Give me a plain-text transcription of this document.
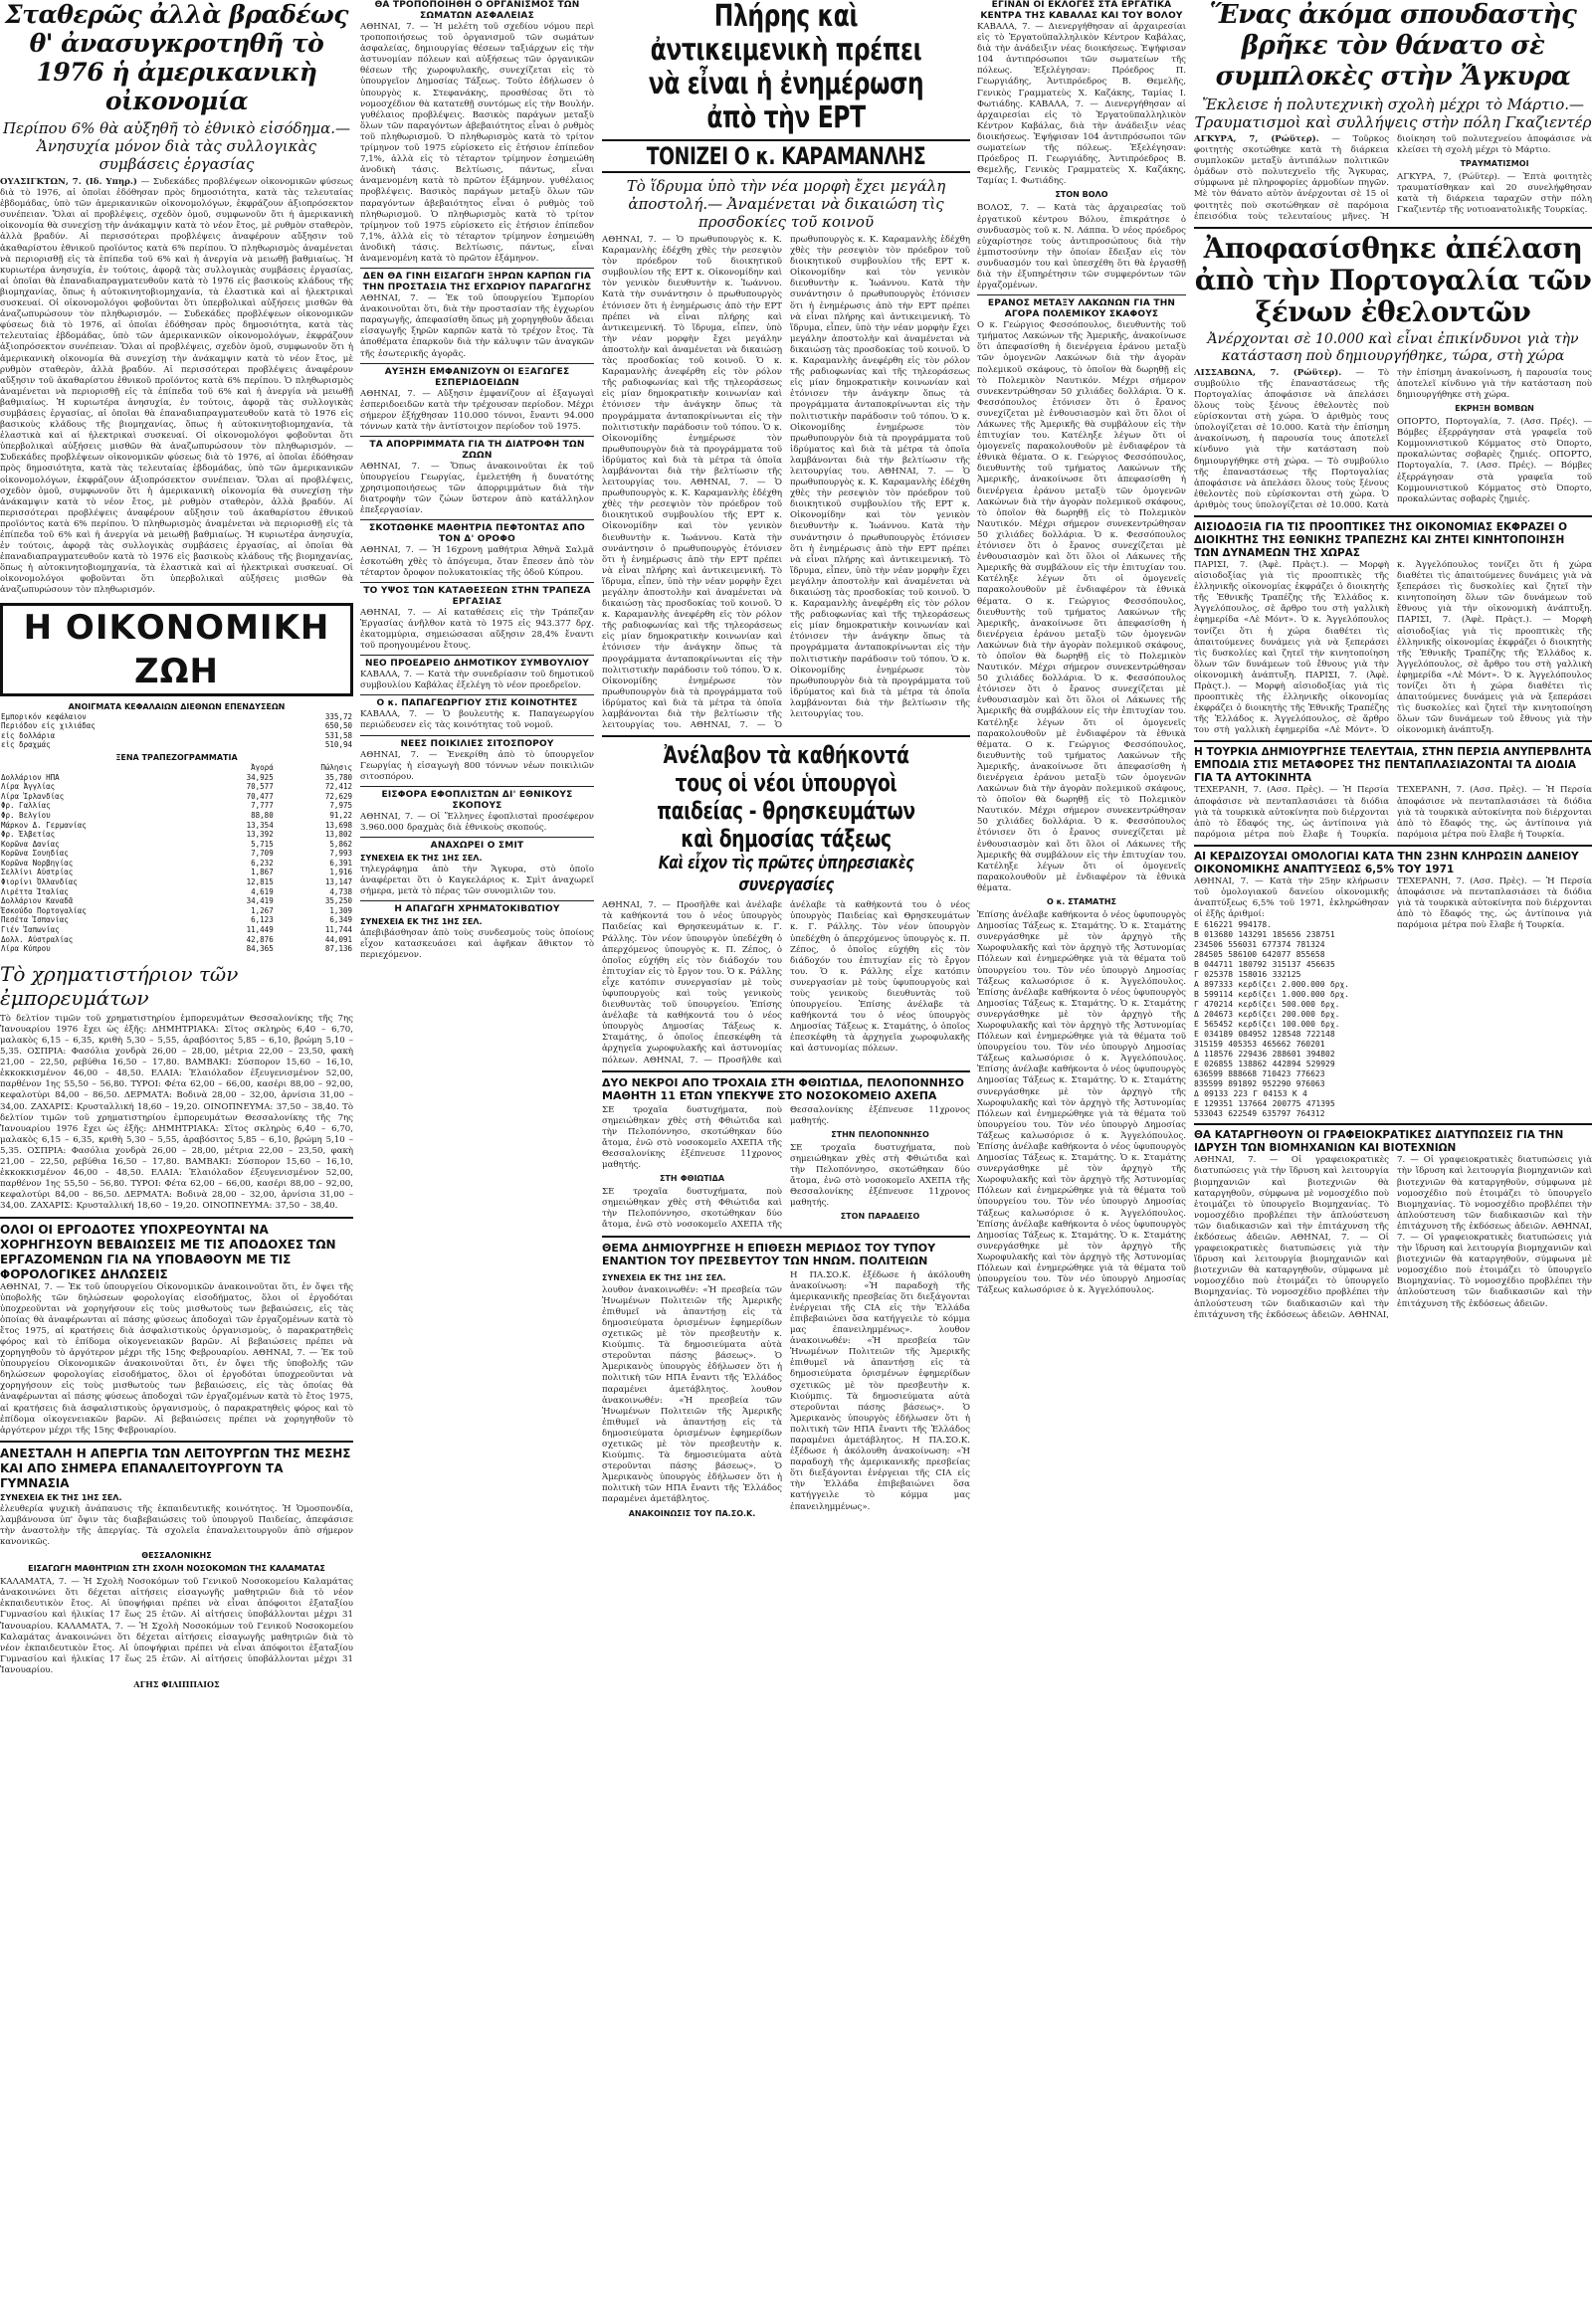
Σταθερῶς ἀλλὰ βραδέως θ' ἀνασυγκροτηθῆ τὸ 1976 ἡ ἀμερικανικὴ οἰκονομία
Περίπου 6% θὰ αὐξηθῆ τὸ ἐθνικὸ εἰσόδημα.— Ἀνησυχία μόνον διὰ τὰς συλλογικὰς συμβάσεις ἐργασίας
ΟΥΑΣΙΓΚΤΩΝ, 7. (Ιδ. Υπηρ.) — Συδεκάδες προβλέψεων οἰκονομικῶν φύσεως διὰ τὸ 1976, αἱ ὁποῖαι ἐδόθησαν πρὸς δημοσιότητα, κατὰ τὰς τελευταίας ἑβδομάδας, ὑπὸ τῶν ἀμερικανικῶν οἰκονομολόγων, ἐκφράζουν ἀξιοπρόσεκτον συνέπειαν. Ὅλαι αἱ προβλέψεις, σχεδὸν ὁμοῦ, συμφωνοῦν ὅτι ἡ ἀμερικανικὴ οἰκονομία θὰ συνεχίσῃ τὴν ἀνάκαμψιν κατὰ τὸ νέον ἔτος, μὲ ρυθμὸν σταθερὸν, ἀλλὰ βραδύν. Αἱ περισσότεραι προβλέψεις ἀναφέρουν αὔξησιν τοῦ ἀκαθαρίστου ἐθνικοῦ προϊόντος κατὰ 6% περίπου. Ὁ πληθωρισμὸς ἀναμένεται νὰ περιορισθῇ εἰς τὰ ἐπίπεδα τοῦ 6% καὶ ἡ ἀνεργία νὰ μειωθῇ βαθμιαίως. Ἡ κυριωτέρα ἀνησυχία, ἐν τούτοις, ἀφορᾷ τὰς συλλογικὰς συμβάσεις ἐργασίας, αἱ ὁποῖαι θὰ ἐπαναδιαπραγματευθοῦν κατὰ τὸ 1976 εἰς βασικοὺς κλάδους τῆς βιομηχανίας, ὅπως ἡ αὐτοκινητοβιομηχανία, τὰ ἐλαστικὰ καὶ αἱ ἠλεκτρικαὶ συσκευαί. Οἱ οἰκονομολόγοι φοβοῦνται ὅτι ὑπερβολικαὶ αὐξήσεις μισθῶν θὰ ἀναζωπυρώσουν τὸν πληθωρισμόν. — Συδεκάδες προβλέψεων οἰκονομικῶν φύσεως διὰ τὸ 1976, αἱ ὁποῖαι ἐδόθησαν πρὸς δημοσιότητα, κατὰ τὰς τελευταίας ἑβδομάδας, ὑπὸ τῶν ἀμερικανικῶν οἰκονομολόγων, ἐκφράζουν ἀξιοπρόσεκτον συνέπειαν. Ὅλαι αἱ προβλέψεις, σχεδὸν ὁμοῦ, συμφωνοῦν ὅτι ἡ ἀμερικανικὴ οἰκονομία θὰ συνεχίσῃ τὴν ἀνάκαμψιν κατὰ τὸ νέον ἔτος, μὲ ρυθμὸν σταθερὸν, ἀλλὰ βραδύν. Αἱ περισσότεραι προβλέψεις ἀναφέρουν αὔξησιν τοῦ ἀκαθαρίστου ἐθνικοῦ προϊόντος κατὰ 6% περίπου. Ὁ πληθωρισμὸς ἀναμένεται νὰ περιορισθῇ εἰς τὰ ἐπίπεδα τοῦ 6% καὶ ἡ ἀνεργία νὰ μειωθῇ βαθμιαίως. Ἡ κυριωτέρα ἀνησυχία, ἐν τούτοις, ἀφορᾷ τὰς συλλογικὰς συμβάσεις ἐργασίας, αἱ ὁποῖαι θὰ ἐπαναδιαπραγματευθοῦν κατὰ τὸ 1976 εἰς βασικοὺς κλάδους τῆς βιομηχανίας, ὅπως ἡ αὐτοκινητοβιομηχανία, τὰ ἐλαστικὰ καὶ αἱ ἠλεκτρικαὶ συσκευαί. Οἱ οἰκονομολόγοι φοβοῦνται ὅτι ὑπερβολικαὶ αὐξήσεις μισθῶν θὰ ἀναζωπυρώσουν τὸν πληθωρισμόν. — Συδεκάδες προβλέψεων οἰκονομικῶν φύσεως διὰ τὸ 1976, αἱ ὁποῖαι ἐδόθησαν πρὸς δημοσιότητα, κατὰ τὰς τελευταίας ἑβδομάδας, ὑπὸ τῶν ἀμερικανικῶν οἰκονομολόγων, ἐκφράζουν ἀξιοπρόσεκτον συνέπειαν. Ὅλαι αἱ προβλέψεις, σχεδὸν ὁμοῦ, συμφωνοῦν ὅτι ἡ ἀμερικανικὴ οἰκονομία θὰ συνεχίσῃ τὴν ἀνάκαμψιν κατὰ τὸ νέον ἔτος, μὲ ρυθμὸν σταθερὸν, ἀλλὰ βραδύν. Αἱ περισσότεραι προβλέψεις ἀναφέρουν αὔξησιν τοῦ ἀκαθαρίστου ἐθνικοῦ προϊόντος κατὰ 6% περίπου. Ὁ πληθωρισμὸς ἀναμένεται νὰ περιορισθῇ εἰς τὰ ἐπίπεδα τοῦ 6% καὶ ἡ ἀνεργία νὰ μειωθῇ βαθμιαίως. Ἡ κυριωτέρα ἀνησυχία, ἐν τούτοις, ἀφορᾷ τὰς συλλογικὰς συμβάσεις ἐργασίας, αἱ ὁποῖαι θὰ ἐπαναδιαπραγματευθοῦν κατὰ τὸ 1976 εἰς βασικοὺς κλάδους τῆς βιομηχανίας, ὅπως ἡ αὐτοκινητοβιομηχανία, τὰ ἐλαστικὰ καὶ αἱ ἠλεκτρικαὶ συσκευαί. Οἱ οἰκονομολόγοι φοβοῦνται ὅτι ὑπερβολικαὶ αὐξήσεις μισθῶν θὰ ἀναζωπυρώσουν τὸν πληθωρισμόν.
Η ΟΙΚΟΝΟΜΙΚΗ ΖΩΗ
ΑΝΟΙΓΜΑΤΑ ΚΕΦΑΛΑΙΩΝ ΔΙΕΘΝΩΝ ΕΠΕΝΔΥΣΕΩΝ
Εμπορικόν κεφάλαιον	335,72
Περιόδου εἰς χιλιάδας	650,50
εἰς δολλάρια	531,58
εἰς δραχμάς	510,94
ΞΕΝΑ ΤΡΑΠΕΖΟΓΡΑΜΜΑΤΙΑ
	Ἀγορά	Πώλησις
Δολλάριον ΗΠΑ	34,925	35,780
Λίρα Ἀγγλίας	70,577	72,412
Λίρα Ἰρλανδίας	70,477	72,629
Φρ. Γαλλίας	7,777	7,975
Φρ. Βελγίου	88,80	91,22
Μάρκον Δ. Γερμανίας	13,354	13,698
Φρ. Ἐλβετίας	13,392	13,802
Κορῶνα Δανίας	5,715	5,862
Κορῶνα Σουηδίας	7,709	7,993
Κορῶνα Νορβηγίας	6,232	6,391
Σελλίνι Αὐστρίας	1,867	1,916
Φιορίνι Ὀλλανδίας	12,815	13,147
Λιρέττα Ἰταλίας	4,619	4,738
Δολλάριον Καναδᾶ	34,419	35,250
Ἐσκούδο Πορτογαλίας	1,267	1,309
Πεσέτα Ἰσπανίας	6,123	6,349
Γιέν Ἰαπωνίας	11,449	11,744
Δολλ. Αὐστραλίας	42,876	44,091
Λίρα Κύπρου	84,365	87,136
Τὸ χρηματιστήριον τῶν ἐμπορευμάτων
Τὸ δελτίον τιμῶν τοῦ χρηματιστηρίου ἐμπορευμάτων Θεσσαλονίκης τῆς 7ης Ἰανουαρίου 1976 ἔχει ὡς ἑξῆς: ΔΗΜΗΤΡΙΑΚΑ: Σῖτος σκληρὸς 6,40 – 6,70, μαλακὸς 6,15 – 6,35, κριθὴ 5,30 – 5,55, ἀραβόσιτος 5,85 – 6,10, βρώμη 5,10 – 5,35. ΟΣΠΡΙΑ: Φασόλια χονδρὰ 26,00 – 28,00, μέτρια 22,00 – 23,50, φακὴ 21,00 – 22,50, ρεβύθια 16,50 – 17,80. ΒΑΜΒΑΚΙ: Σύσπορον 15,60 – 16,10, ἐκκοκκισμένον 46,00 – 48,50. ΕΛΑΙΑ: Ἐλαιόλαδον ἐξευγενισμένον 52,00, παρθένον 1ης 55,50 – 56,80. ΤΥΡΟΙ: Φέτα 62,00 – 66,00, κασέρι 88,00 – 92,00, κεφαλοτύρι 84,00 – 86,50. ΔΕΡΜΑΤΑ: Βοδινὰ 28,00 – 32,00, ἀρνίσια 31,00 – 34,00. ΖΑΧΑΡΙΣ: Κρυσταλλική 18,60 – 19,20. ΟΙΝΟΠΝΕΥΜΑ: 37,50 – 38,40. Τὸ δελτίον τιμῶν τοῦ χρηματιστηρίου ἐμπορευμάτων Θεσσαλονίκης τῆς 7ης Ἰανουαρίου 1976 ἔχει ὡς ἑξῆς: ΔΗΜΗΤΡΙΑΚΑ: Σῖτος σκληρὸς 6,40 – 6,70, μαλακὸς 6,15 – 6,35, κριθὴ 5,30 – 5,55, ἀραβόσιτος 5,85 – 6,10, βρώμη 5,10 – 5,35. ΟΣΠΡΙΑ: Φασόλια χονδρὰ 26,00 – 28,00, μέτρια 22,00 – 23,50, φακὴ 21,00 – 22,50, ρεβύθια 16,50 – 17,80. ΒΑΜΒΑΚΙ: Σύσπορον 15,60 – 16,10, ἐκκοκκισμένον 46,00 – 48,50. ΕΛΑΙΑ: Ἐλαιόλαδον ἐξευγενισμένον 52,00, παρθένον 1ης 55,50 – 56,80. ΤΥΡΟΙ: Φέτα 62,00 – 66,00, κασέρι 88,00 – 92,00, κεφαλοτύρι 84,00 – 86,50. ΔΕΡΜΑΤΑ: Βοδινὰ 28,00 – 32,00, ἀρνίσια 31,00 – 34,00. ΖΑΧΑΡΙΣ: Κρυσταλλική 18,60 – 19,20. ΟΙΝΟΠΝΕΥΜΑ: 37,50 – 38,40.
ΟΛΟΙ ΟΙ ΕΡΓΟΔΟΤΕΣ ΥΠΟΧΡΕΟΥΝΤΑΙ ΝΑ ΧΟΡΗΓΗΣΟΥΝ ΒΕΒΑΙΩΣΕΙΣ ΜΕ ΤΙΣ ΑΠΟΔΟΧΕΣ ΤΩΝ ΕΡΓΑΖΟΜΕΝΩΝ ΓΙΑ ΝΑ ΥΠΟΒΑΘΟΥΝ ΜΕ ΤΙΣ ΦΟΡΟΛΟΓΙΚΕΣ ΔΗΛΩΣΕΙΣ
ΑΘΗΝΑΙ, 7. — Ἐκ τοῦ ὑπουργείου Οἰκονομικῶν ἀνακοινοῦται ὅτι, ἐν ὄψει τῆς ὑποβολῆς τῶν δηλώσεων φορολογίας εἰσοδήματος, ὅλοι οἱ ἐργοδόται ὑποχρεοῦνται νὰ χορηγήσουν εἰς τοὺς μισθωτοὺς των βεβαιώσεις, εἰς τὰς ὁποίας θὰ ἀναφέρωνται αἱ πάσης φύσεως ἀποδοχαὶ τῶν ἐργαζομένων κατὰ τὸ ἔτος 1975, αἱ κρατήσεις διὰ ἀσφαλιστικοὺς ὀργανισμοὺς, ὁ παρακρατηθεὶς φόρος καὶ τὸ ἐπίδομα οἰκογενειακῶν βαρῶν. Αἱ βεβαιώσεις πρέπει νὰ χορηγηθοῦν τὸ ἀργότερον μέχρι τῆς 15ης Φεβρουαρίου. ΑΘΗΝΑΙ, 7. — Ἐκ τοῦ ὑπουργείου Οἰκονομικῶν ἀνακοινοῦται ὅτι, ἐν ὄψει τῆς ὑποβολῆς τῶν δηλώσεων φορολογίας εἰσοδήματος, ὅλοι οἱ ἐργοδόται ὑποχρεοῦνται νὰ χορηγήσουν εἰς τοὺς μισθωτοὺς των βεβαιώσεις, εἰς τὰς ὁποίας θὰ ἀναφέρωνται αἱ πάσης φύσεως ἀποδοχαὶ τῶν ἐργαζομένων κατὰ τὸ ἔτος 1975, αἱ κρατήσεις διὰ ἀσφαλιστικοὺς ὀργανισμοὺς, ὁ παρακρατηθεὶς φόρος καὶ τὸ ἐπίδομα οἰκογενειακῶν βαρῶν. Αἱ βεβαιώσεις πρέπει νὰ χορηγηθοῦν τὸ ἀργότερον μέχρι τῆς 15ης Φεβρουαρίου.
ΑΝΕΣΤΑΛΗ Η ΑΠΕΡΓΙΑ ΤΩΝ ΛΕΙΤΟΥΡΓΩΝ ΤΗΣ ΜΕΣΗΣ ΚΑΙ ΑΠΟ ΣΗΜΕΡΑ ΕΠΑΝΑΛΕΙΤΟΥΡΓΟΥΝ ΤΑ ΓΥΜΝΑΣΙΑ
ΣΥΝΕΧΕΙΑ ΕΚ ΤΗΣ 1ΗΣ ΣΕΛ.
ἐλευθερία ψυχικὴ ἀνάπαυσις τῆς ἐκπαιδευτικῆς κοινότητος. Ἡ Ὁμοσπονδία, λαμβάνουσα ὑπ' ὄψιν τὰς διαβεβαιώσεις τοῦ ὑπουργοῦ Παιδείας, ἀπεφάσισε τὴν ἀναστολὴν τῆς ἀπεργίας. Τὰ σχολεῖα ἐπαναλειτουργοῦν ἀπὸ σήμερον κανονικῶς.
ΘΕΣΣΑΛΟΝΙΚΗΣ
ΕΙΣΑΓΩΓΗ ΜΑΘΗΤΡΙΩΝ ΣΤΗ ΣΧΟΛΗ ΝΟΣΟΚΟΜΩΝ ΤΗΣ ΚΑΛΑΜΑΤΑΣ
ΚΑΛΑΜΑΤΑ, 7. — Ἡ Σχολὴ Νοσοκόμων τοῦ Γενικοῦ Νοσοκομείου Καλαμάτας ἀνακοινώνει ὅτι δέχεται αἰτήσεις εἰσαγωγῆς μαθητριῶν διὰ τὸ νέον ἐκπαιδευτικὸν ἔτος. Αἱ ὑποψήφιαι πρέπει νὰ εἶναι ἀπόφοιτοι ἑξαταξίου Γυμνασίου καὶ ἡλικίας 17 ἕως 25 ἐτῶν. Αἱ αἰτήσεις ὑποβάλλονται μέχρι 31 Ἰανουαρίου. ΚΑΛΑΜΑΤΑ, 7. — Ἡ Σχολὴ Νοσοκόμων τοῦ Γενικοῦ Νοσοκομείου Καλαμάτας ἀνακοινώνει ὅτι δέχεται αἰτήσεις εἰσαγωγῆς μαθητριῶν διὰ τὸ νέον ἐκπαιδευτικὸν ἔτος. Αἱ ὑποψήφιαι πρέπει νὰ εἶναι ἀπόφοιτοι ἑξαταξίου Γυμνασίου καὶ ἡλικίας 17 ἕως 25 ἐτῶν. Αἱ αἰτήσεις ὑποβάλλονται μέχρι 31 Ἰανουαρίου.
ΑΓΗΣ ΦΙΛΙΠΠΑΙΟΣ
ΘΑ ΤΡΟΠΟΠΟΙΗΘΗ Ο ΟΡΓΑΝΙΣΜΟΣ ΤΩΝ ΣΩΜΑΤΩΝ ΑΣΦΑΛΕΙΑΣ
ΑΘΗΝΑΙ, 7. — Ἡ μελέτη τοῦ σχεδίου νόμου περὶ τροποποιήσεως τοῦ ὀργανισμοῦ τῶν σωμάτων ἀσφαλείας, δημιουργίας θέσεων ταξιάρχων εἰς τὴν ἀστυνομίαν πόλεων καὶ αὐξήσεως τῶν ὀργανικῶν θέσεων τῆς χωροφυλακῆς, συνεχίζεται εἰς τὸ ὑπουργεῖον Δημοσίας Τάξεως. Τοῦτο ἐδήλωσεν ὁ ὑπουργὸς κ. Στεφανάκης, προσθέσας ὅτι τὸ νομοσχέδιον θὰ κατατεθῇ συντόμως εἰς τὴν Βουλήν. γυθέλαιος προβλέψεις. Βασικὸς παράγων μεταξὺ ὅλων τῶν παραγόντων ἀβεβαιότητος εἶναι ὁ ρυθμὸς τοῦ πληθωρισμοῦ. Ὁ πληθωρισμὸς κατὰ τὸ τρίτον τρίμηνον τοῦ 1975 εὑρίσκετο εἰς ἐτήσιον ἐπίπεδον 7,1%, ἀλλὰ εἰς τὸ τέταρτον τρίμηνον ἐσημειώθη ἀνοδικὴ τάσις. Βελτίωσις, πάντως, εἶναι ἀναμενομένη κατὰ τὸ πρῶτον ἑξάμηνον. γυθέλαιος προβλέψεις. Βασικὸς παράγων μεταξὺ ὅλων τῶν παραγόντων ἀβεβαιότητος εἶναι ὁ ρυθμὸς τοῦ πληθωρισμοῦ. Ὁ πληθωρισμὸς κατὰ τὸ τρίτον τρίμηνον τοῦ 1975 εὑρίσκετο εἰς ἐτήσιον ἐπίπεδον 7,1%, ἀλλὰ εἰς τὸ τέταρτον τρίμηνον ἐσημειώθη ἀνοδικὴ τάσις. Βελτίωσις, πάντως, εἶναι ἀναμενομένη κατὰ τὸ πρῶτον ἑξάμηνον.
ΔΕΝ ΘΑ ΓΙΝΗ ΕΙΣΑΓΩΓΗ ΞΗΡΩΝ ΚΑΡΠΩΝ ΓΙΑ ΤΗΝ ΠΡΟΣΤΑΣΙΑ ΤΗΣ ΕΓΧΩΡΙΟΥ ΠΑΡΑΓΩΓΗΣ
ΑΘΗΝΑΙ, 7. — Ἐκ τοῦ ὑπουργείου Ἐμπορίου ἀνακοινοῦται ὅτι, διὰ τὴν προστασίαν τῆς ἐγχωρίου παραγωγῆς, ἀπεφασίσθη ὅπως μὴ χορηγηθοῦν ἄδειαι εἰσαγωγῆς ξηρῶν καρπῶν κατὰ τὸ τρέχον ἔτος. Τὰ ἀποθέματα ἐπαρκοῦν διὰ τὴν κάλυψιν τῶν ἀναγκῶν τῆς ἐσωτερικῆς ἀγορᾶς.
ΑΥΞΗΣΗ ΕΜΦΑΝΙΖΟΥΝ ΟΙ ΕΞΑΓΩΓΕΣ ΕΣΠΕΡΙΔΟΕΙΔΩΝ
ΑΘΗΝΑΙ, 7. — Αὔξησιν ἐμφανίζουν αἱ ἐξαγωγαὶ ἐσπεριδοειδῶν κατὰ τὴν τρέχουσαν περίοδον. Μέχρι σήμερον ἐξήχθησαν 110.000 τόννοι, ἔναντι 94.000 τόννων κατὰ τὴν ἀντίστοιχον περίοδον τοῦ 1975.
ΤΑ ΑΠΟΡΡΙΜΜΑΤΑ ΓΙΑ ΤΗ ΔΙΑΤΡΟΦΗ ΤΩΝ ΖΩΩΝ
ΑΘΗΝΑΙ, 7. — Ὅπως ἀνακοινοῦται ἐκ τοῦ ὑπουργείου Γεωργίας, ἐμελετήθη ἡ δυνατότης χρησιμοποιήσεως τῶν ἀπορριμμάτων διὰ τὴν διατροφὴν τῶν ζώων ὕστερον ἀπὸ κατάλληλον ἐπεξεργασίαν.
ΣΚΟΤΩΘΗΚΕ ΜΑΘΗΤΡΙΑ ΠΕΦΤΟΝΤΑΣ ΑΠΟ ΤΟΝ Δ' ΟΡΟΦΟ
ΑΘΗΝΑΙ, 7. — Ἡ 16χρονη μαθήτρια Ἀθηνᾶ Σαλμᾶ ἐσκοτώθη χθὲς τὸ ἀπόγευμα, ὅταν ἔπεσεν ἀπὸ τὸν τέταρτον ὄροφον πολυκατοικίας τῆς ὁδοῦ Κύπρου.
ΤΟ ΥΨΟΣ ΤΩΝ ΚΑΤΑΘΕΣΕΩΝ ΣΤΗΝ ΤΡΑΠΕΖΑ ΕΡΓΑΣΙΑΣ
ΑΘΗΝΑΙ, 7. — Αἱ καταθέσεις εἰς τὴν Τράπεζαν Ἐργασίας ἀνῆλθον κατὰ τὸ 1975 εἰς 943.377 δρχ. ἐκατομμύρια, σημειώσασαι αὔξησιν 28,4% ἔναντι τοῦ προηγουμένου ἔτους.
ΝΕΟ ΠΡΟΕΔΡΕΙΟ ΔΗΜΟΤΙΚΟΥ ΣΥΜΒΟΥΛΙΟΥ
ΚΑΒΑΛΑ, 7. — Κατὰ τὴν συνεδρίασιν τοῦ δημοτικοῦ συμβουλίου Καβάλας ἐξελέγη τὸ νέον προεδρεῖον.
Ο κ. ΠΑΠΑΓΕΩΡΓΙΟΥ ΣΤΙΣ ΚΟΙΝΟΤΗΤΕΣ
ΚΑΒΑΛΑ, 7. — Ὁ βουλευτὴς κ. Παπαγεωργίου περιώδευσεν εἰς τὰς κοινότητας τοῦ νομοῦ.
ΝΕΕΣ ΠΟΙΚΙΛΙΕΣ ΣΙΤΟΣΠΟΡΟΥ
ΑΘΗΝΑΙ, 7. — Ἐνεκρίθη ἀπὸ τὸ ὑπουργεῖον Γεωργίας ἡ εἰσαγωγὴ 800 τόννων νέων ποικιλιῶν σιτοσπόρου.
ΕΙΣΦΟΡΑ ΕΦΟΠΛΙΣΤΩΝ ΔΙ' ΕΘΝΙΚΟΥΣ ΣΚΟΠΟΥΣ
ΑΘΗΝΑΙ, 7. — Οἱ Ἕλληνες ἐφοπλισταὶ προσέφερον 3.960.000 δραχμὰς διὰ ἐθνικοὺς σκοπούς.
ΑΝΑΧΩΡΕΙ Ο ΣΜΙΤ
ΣΥΝΕΧΕΙΑ ΕΚ ΤΗΣ 1ΗΣ ΣΕΛ.
τηλεγράφημα ἀπὸ τὴν Ἄγκυρα, στὸ ὁποῖο ἀναφέρεται ὅτι ὁ Καγκελάριος κ. Σμὶτ ἀναχωρεῖ σήμερα, μετὰ τὸ πέρας τῶν συνομιλιῶν του.
Η ΑΠΑΓΩΓΗ ΧΡΗΜΑΤΟΚΙΒΩΤΙΟΥ
ΣΥΝΕΧΕΙΑ ΕΚ ΤΗΣ 1ΗΣ ΣΕΛ.
ἀπεβιβάσθησαν ἀπὸ τοὺς συνδεσμοὺς τοὺς ὁποίους εἶχον κατασκευάσει καὶ ἀφῆκαν ἄθικτον τὸ περιεχόμενον.
Πλήρης καὶ ἀντικειμενικὴ πρέπει νὰ εἶναι ἡ ἐνημέρωση ἀπὸ τὴν ΕΡΤ
ΤΟΝΙΖΕΙ Ο κ. ΚΑΡΑΜΑΝΛΗΣ
Τὸ ἵδρυμα ὑπὸ τὴν νέα μορφὴ ἔχει μεγάλη ἀποστολή.— Ἀναμένεται νὰ δικαιώση τὶς προσδοκίες τοῦ κοινοῦ
ΑΘΗΝΑΙ, 7. — Ὁ πρωθυπουργὸς κ. Κ. Καραμανλὴς ἐδέχθη χθὲς τὴν ρεσεψιὸν τὸν πρόεδρον τοῦ διοικητικοῦ συμβουλίου τῆς ΕΡΤ κ. Οἰκονομίδην καὶ τὸν γενικὸν διευθυντὴν κ. Ἰωάννου. Κατὰ τὴν συνάντησιν ὁ πρωθυπουργὸς ἐτόνισεν ὅτι ἡ ἐνημέρωσις ἀπὸ τὴν ΕΡΤ πρέπει νὰ εἶναι πλήρης καὶ ἀντικειμενική. Τὸ ἵδρυμα, εἶπεν, ὑπὸ τὴν νέαν μορφὴν ἔχει μεγάλην ἀποστολὴν καὶ ἀναμένεται νὰ δικαιώσῃ τὰς προσδοκίας τοῦ κοινοῦ. Ὁ κ. Καραμανλὴς ἀνεφέρθη εἰς τὸν ρόλον τῆς ραδιοφωνίας καὶ τῆς τηλεοράσεως εἰς μίαν δημοκρατικὴν κοινωνίαν καὶ ἐτόνισεν τὴν ἀνάγκην ὅπως τὰ προγράμματα ἀνταποκρίνωνται εἰς τὴν πολιτιστικὴν παράδοσιν τοῦ τόπου. Ὁ κ. Οἰκονομίδης ἐνημέρωσε τὸν πρωθυπουργὸν διὰ τὰ προγράμματα τοῦ ἱδρύματος καὶ διὰ τὰ μέτρα τὰ ὁποῖα λαμβάνονται διὰ τὴν βελτίωσιν τῆς λειτουργίας του. ΑΘΗΝΑΙ, 7. — Ὁ πρωθυπουργὸς κ. Κ. Καραμανλὴς ἐδέχθη χθὲς τὴν ρεσεψιὸν τὸν πρόεδρον τοῦ διοικητικοῦ συμβουλίου τῆς ΕΡΤ κ. Οἰκονομίδην καὶ τὸν γενικὸν διευθυντὴν κ. Ἰωάννου. Κατὰ τὴν συνάντησιν ὁ πρωθυπουργὸς ἐτόνισεν ὅτι ἡ ἐνημέρωσις ἀπὸ τὴν ΕΡΤ πρέπει νὰ εἶναι πλήρης καὶ ἀντικειμενική. Τὸ ἵδρυμα, εἶπεν, ὑπὸ τὴν νέαν μορφὴν ἔχει μεγάλην ἀποστολὴν καὶ ἀναμένεται νὰ δικαιώσῃ τὰς προσδοκίας τοῦ κοινοῦ. Ὁ κ. Καραμανλὴς ἀνεφέρθη εἰς τὸν ρόλον τῆς ραδιοφωνίας καὶ τῆς τηλεοράσεως εἰς μίαν δημοκρατικὴν κοινωνίαν καὶ ἐτόνισεν τὴν ἀνάγκην ὅπως τὰ προγράμματα ἀνταποκρίνωνται εἰς τὴν πολιτιστικὴν παράδοσιν τοῦ τόπου. Ὁ κ. Οἰκονομίδης ἐνημέρωσε τὸν πρωθυπουργὸν διὰ τὰ προγράμματα τοῦ ἱδρύματος καὶ διὰ τὰ μέτρα τὰ ὁποῖα λαμβάνονται διὰ τὴν βελτίωσιν τῆς λειτουργίας του. ΑΘΗΝΑΙ, 7. — Ὁ πρωθυπουργὸς κ. Κ. Καραμανλὴς ἐδέχθη χθὲς τὴν ρεσεψιὸν τὸν πρόεδρον τοῦ διοικητικοῦ συμβουλίου τῆς ΕΡΤ κ. Οἰκονομίδην καὶ τὸν γενικὸν διευθυντὴν κ. Ἰωάννου. Κατὰ τὴν συνάντησιν ὁ πρωθυπουργὸς ἐτόνισεν ὅτι ἡ ἐνημέρωσις ἀπὸ τὴν ΕΡΤ πρέπει νὰ εἶναι πλήρης καὶ ἀντικειμενική. Τὸ ἵδρυμα, εἶπεν, ὑπὸ τὴν νέαν μορφὴν ἔχει μεγάλην ἀποστολὴν καὶ ἀναμένεται νὰ δικαιώσῃ τὰς προσδοκίας τοῦ κοινοῦ. Ὁ κ. Καραμανλὴς ἀνεφέρθη εἰς τὸν ρόλον τῆς ραδιοφωνίας καὶ τῆς τηλεοράσεως εἰς μίαν δημοκρατικὴν κοινωνίαν καὶ ἐτόνισεν τὴν ἀνάγκην ὅπως τὰ προγράμματα ἀνταποκρίνωνται εἰς τὴν πολιτιστικὴν παράδοσιν τοῦ τόπου. Ὁ κ. Οἰκονομίδης ἐνημέρωσε τὸν πρωθυπουργὸν διὰ τὰ προγράμματα τοῦ ἱδρύματος καὶ διὰ τὰ μέτρα τὰ ὁποῖα λαμβάνονται διὰ τὴν βελτίωσιν τῆς λειτουργίας του. ΑΘΗΝΑΙ, 7. — Ὁ πρωθυπουργὸς κ. Κ. Καραμανλὴς ἐδέχθη χθὲς τὴν ρεσεψιὸν τὸν πρόεδρον τοῦ διοικητικοῦ συμβουλίου τῆς ΕΡΤ κ. Οἰκονομίδην καὶ τὸν γενικὸν διευθυντὴν κ. Ἰωάννου. Κατὰ τὴν συνάντησιν ὁ πρωθυπουργὸς ἐτόνισεν ὅτι ἡ ἐνημέρωσις ἀπὸ τὴν ΕΡΤ πρέπει νὰ εἶναι πλήρης καὶ ἀντικειμενική. Τὸ ἵδρυμα, εἶπεν, ὑπὸ τὴν νέαν μορφὴν ἔχει μεγάλην ἀποστολὴν καὶ ἀναμένεται νὰ δικαιώσῃ τὰς προσδοκίας τοῦ κοινοῦ. Ὁ κ. Καραμανλὴς ἀνεφέρθη εἰς τὸν ρόλον τῆς ραδιοφωνίας καὶ τῆς τηλεοράσεως εἰς μίαν δημοκρατικὴν κοινωνίαν καὶ ἐτόνισεν τὴν ἀνάγκην ὅπως τὰ προγράμματα ἀνταποκρίνωνται εἰς τὴν πολιτιστικὴν παράδοσιν τοῦ τόπου. Ὁ κ. Οἰκονομίδης ἐνημέρωσε τὸν πρωθυπουργὸν διὰ τὰ προγράμματα τοῦ ἱδρύματος καὶ διὰ τὰ μέτρα τὰ ὁποῖα λαμβάνονται διὰ τὴν βελτίωσιν τῆς λειτουργίας του.
Ἀνέλαβον τὰ καθήκοντά τους οἱ νέοι ὑπουργοὶ παιδείας - θρησκευμάτων καὶ δημοσίας τάξεως
Καὶ εἶχον τὶς πρῶτες ὑπηρεσιακὲς συνεργασίες
ΑΘΗΝΑΙ, 7. — Προσῆλθε καὶ ἀνέλαβε τὰ καθήκοντά του ὁ νέος ὑπουργὸς Παιδείας καὶ Θρησκευμάτων κ. Γ. Ράλλης. Τὸν νέον ὑπουργὸν ὑπεδέχθη ὁ ἀπερχόμενος ὑπουργὸς κ. Π. Ζέπος, ὁ ὁποῖος εὐχήθη εἰς τὸν διάδοχόν του ἐπιτυχίαν εἰς τὸ ἔργον του. Ὁ κ. Ράλλης εἶχε κατόπιν συνεργασίαν μὲ τοὺς ὑφυπουργοὺς καὶ τοὺς γενικοὺς διευθυντὰς τοῦ ὑπουργείου. Ἐπίσης ἀνέλαβε τὰ καθήκοντά του ὁ νέος ὑπουργὸς Δημοσίας Τάξεως κ. Σταμάτης, ὁ ὁποῖος ἐπεσκέφθη τὰ ἀρχηγεῖα χωροφυλακῆς καὶ ἀστυνομίας πόλεων. ΑΘΗΝΑΙ, 7. — Προσῆλθε καὶ ἀνέλαβε τὰ καθήκοντά του ὁ νέος ὑπουργὸς Παιδείας καὶ Θρησκευμάτων κ. Γ. Ράλλης. Τὸν νέον ὑπουργὸν ὑπεδέχθη ὁ ἀπερχόμενος ὑπουργὸς κ. Π. Ζέπος, ὁ ὁποῖος εὐχήθη εἰς τὸν διάδοχόν του ἐπιτυχίαν εἰς τὸ ἔργον του. Ὁ κ. Ράλλης εἶχε κατόπιν συνεργασίαν μὲ τοὺς ὑφυπουργοὺς καὶ τοὺς γενικοὺς διευθυντὰς τοῦ ὑπουργείου. Ἐπίσης ἀνέλαβε τὰ καθήκοντά του ὁ νέος ὑπουργὸς Δημοσίας Τάξεως κ. Σταμάτης, ὁ ὁποῖος ἐπεσκέφθη τὰ ἀρχηγεῖα χωροφυλακῆς καὶ ἀστυνομίας πόλεων.
ΔΥΟ ΝΕΚΡΟΙ ΑΠΟ ΤΡΟΧΑΙΑ ΣΤΗ ΦΘΙΩΤΙΔΑ, ΠΕΛΟΠΟΝΝΗΣΟ ΜΑΘΗΤΗ 11 ΕΤΩΝ ΥΠΕΚΥΨΕ ΣΤΟ ΝΟΣΟΚΟΜΕΙΟ ΑΧΕΠΑ
ΣΕ τροχαῖα δυστυχήματα, ποὺ σημειώθηκαν χθὲς στὴ Φθιώτιδα καὶ τὴν Πελοπόννησο, σκοτώθηκαν δύο ἄτομα, ἐνῶ στὸ νοσοκομεῖο ΑΧΕΠΑ τῆς Θεσσαλονίκης ἐξέπνευσε 11χρονος μαθητής.
ΣΤΗ ΦΘΙΩΤΙΔΑ
ΣΕ τροχαῖα δυστυχήματα, ποὺ σημειώθηκαν χθὲς στὴ Φθιώτιδα καὶ τὴν Πελοπόννησο, σκοτώθηκαν δύο ἄτομα, ἐνῶ στὸ νοσοκομεῖο ΑΧΕΠΑ τῆς Θεσσαλονίκης ἐξέπνευσε 11χρονος μαθητής.
ΣΤΗΝ ΠΕΛΟΠΟΝΝΗΣΟ
ΣΕ τροχαῖα δυστυχήματα, ποὺ σημειώθηκαν χθὲς στὴ Φθιώτιδα καὶ τὴν Πελοπόννησο, σκοτώθηκαν δύο ἄτομα, ἐνῶ στὸ νοσοκομεῖο ΑΧΕΠΑ τῆς Θεσσαλονίκης ἐξέπνευσε 11χρονος μαθητής.
ΣΤΟΝ ΠΑΡΑΔΕΙΣΟ
ΘΕΜΑ ΔΗΜΙΟΥΡΓΗΣΕ Η ΕΠΙΘΕΣΗ ΜΕΡΙΔΟΣ ΤΟΥ ΤΥΠΟΥ ΕΝΑΝΤΙΟΝ ΤΟΥ ΠΡΕΣΒΕΥΤΟΥ ΤΩΝ ΗΝΩΜ. ΠΟΛΙΤΕΙΩΝ
ΣΥΝΕΧΕΙΑ ΕΚ ΤΗΣ 1ΗΣ ΣΕΛ.
λουθον ἀνακοινωθέν: «Ἡ πρεσβεία τῶν Ἡνωμένων Πολιτειῶν τῆς Ἀμερικῆς ἐπιθυμεῖ νὰ ἀπαντήσῃ εἰς τὰ δημοσιεύματα ὁρισμένων ἐφημερίδων σχετικῶς μὲ τὸν πρεσβευτὴν κ. Κιούμπις. Τὰ δημοσιεύματα αὐτὰ στεροῦνται πάσης βάσεως». Ὁ Ἀμερικανὸς ὑπουργὸς ἐδήλωσεν ὅτι ἡ πολιτικὴ τῶν ΗΠΑ ἔναντι τῆς Ἑλλάδος παραμένει ἀμετάβλητος.	λουθον ἀνακοινωθέν: «Ἡ πρεσβεία τῶν Ἡνωμένων Πολιτειῶν τῆς Ἀμερικῆς ἐπιθυμεῖ νὰ ἀπαντήσῃ εἰς τὰ δημοσιεύματα ὁρισμένων ἐφημερίδων σχετικῶς μὲ τὸν πρεσβευτὴν κ. Κιούμπις. Τὰ δημοσιεύματα αὐτὰ στεροῦνται πάσης βάσεως». Ὁ Ἀμερικανὸς ὑπουργὸς ἐδήλωσεν ὅτι ἡ πολιτικὴ τῶν ΗΠΑ ἔναντι τῆς Ἑλλάδος παραμένει ἀμετάβλητος.
ΑΝΑΚΟΙΝΩΣΙΣ ΤΟΥ ΠΑ.ΣΟ.Κ.
Η ΠΑ.ΣΟ.Κ. ἐξέδωσε ἡ ἀκόλουθη ἀνακοίνωση: «Ἡ παραδοχὴ τῆς ἀμερικανικῆς πρεσβείας ὅτι διεξάγονται ἐνέργειαι τῆς CIA εἰς τὴν Ἑλλάδα ἐπιβεβαιώνει ὅσα κατήγγειλε τὸ κόμμα μας ἐπανειλημμένως».	λουθον ἀνακοινωθέν: «Ἡ πρεσβεία τῶν Ἡνωμένων Πολιτειῶν τῆς Ἀμερικῆς ἐπιθυμεῖ νὰ ἀπαντήσῃ εἰς τὰ δημοσιεύματα ὁρισμένων ἐφημερίδων σχετικῶς μὲ τὸν πρεσβευτὴν κ. Κιούμπις. Τὰ δημοσιεύματα αὐτὰ στεροῦνται πάσης βάσεως». Ὁ Ἀμερικανὸς ὑπουργὸς ἐδήλωσεν ὅτι ἡ πολιτικὴ τῶν ΗΠΑ ἔναντι τῆς Ἑλλάδος παραμένει ἀμετάβλητος. Η ΠΑ.ΣΟ.Κ. ἐξέδωσε ἡ ἀκόλουθη ἀνακοίνωση: «Ἡ παραδοχὴ τῆς ἀμερικανικῆς πρεσβείας ὅτι διεξάγονται ἐνέργειαι τῆς CIA εἰς τὴν Ἑλλάδα ἐπιβεβαιώνει ὅσα κατήγγειλε τὸ κόμμα μας ἐπανειλημμένως».
ΕΓΙΝΑΝ ΟΙ ΕΚΛΟΓΕΣ ΣΤΑ ΕΡΓΑΤΙΚΑ ΚΕΝΤΡΑ ΤΗΣ ΚΑΒΑΛΑΣ ΚΑΙ ΤΟΥ ΒΟΛΟΥ
ΚΑΒΑΛΑ, 7. — Διενεργήθησαν αἱ ἀρχαιρεσίαι εἰς τὸ Ἐργατοϋπαλληλικὸν Κέντρον Καβάλας, διὰ τὴν ἀνάδειξιν νέας διοικήσεως. Ἐψήφισαν 104 ἀντιπρόσωποι τῶν σωματείων τῆς πόλεως. Ἐξελέγησαν: Πρόεδρος Π. Γεωργιάδης, Ἀντιπρόεδρος Β. Θεμελῆς, Γενικὸς Γραμματεὺς Χ. Καζάκης, Ταμίας Ι. Φωτιάδης. ΚΑΒΑΛΑ, 7. — Διενεργήθησαν αἱ ἀρχαιρεσίαι εἰς τὸ Ἐργατοϋπαλληλικὸν Κέντρον Καβάλας, διὰ τὴν ἀνάδειξιν νέας διοικήσεως. Ἐψήφισαν 104 ἀντιπρόσωποι τῶν σωματείων τῆς πόλεως. Ἐξελέγησαν: Πρόεδρος Π. Γεωργιάδης, Ἀντιπρόεδρος Β. Θεμελῆς, Γενικὸς Γραμματεὺς Χ. Καζάκης, Ταμίας Ι. Φωτιάδης.
ΣΤΟΝ ΒΟΛΟ
ΒΟΛΟΣ, 7. — Κατὰ τὰς ἀρχαιρεσίας τοῦ ἐργατικοῦ κέντρου Βόλου, ἐπικράτησε ὁ συνδυασμὸς τοῦ κ. Ν. Λάππα. Ὁ νέος πρόεδρος εὐχαρίστησε τοὺς ἀντιπροσώπους διὰ τὴν ἐμπιστοσύνην τὴν ὁποίαν ἔδειξαν εἰς τὸν συνδυασμόν του καὶ ὑπεσχέθη ὅτι θὰ ἐργασθῇ διὰ τὴν ἐξυπηρέτησιν τῶν συμφερόντων τῶν ἐργαζομένων.
ΕΡΑΝΟΣ ΜΕΤΑΞΥ ΛΑΚΩΝΩΝ ΓΙΑ ΤΗΝ ΑΓΟΡΑ ΠΟΛΕΜΙΚΟΥ ΣΚΑΦΟΥΣ
Ο κ. Γεώργιος Φεσσόπουλος, διευθυντὴς τοῦ τμήματος Λακώνων τῆς Ἀμερικῆς, ἀνακοίνωσε ὅτι ἀπεφασίσθη ἡ διενέργεια ἐράνου μεταξὺ τῶν ὁμογενῶν Λακώνων διὰ τὴν ἀγορὰν πολεμικοῦ σκάφους, τὸ ὁποῖον θὰ δωρηθῇ εἰς τὸ Πολεμικὸν Ναυτικόν. Μέχρι σήμερον συνεκεντρώθησαν 50 χιλιάδες δολλάρια. Ὁ κ. Φεσσόπουλος ἐτόνισεν ὅτι ὁ ἔρανος συνεχίζεται μὲ ἐνθουσιασμὸν καὶ ὅτι ὅλοι οἱ Λάκωνες τῆς Ἀμερικῆς θὰ συμβάλουν εἰς τὴν ἐπιτυχίαν του. Κατέληξε λέγων ὅτι οἱ ὁμογενεῖς παρακολουθοῦν μὲ ἐνδιαφέρον τὰ ἐθνικὰ θέματα. Ο κ. Γεώργιος Φεσσόπουλος, διευθυντὴς τοῦ τμήματος Λακώνων τῆς Ἀμερικῆς, ἀνακοίνωσε ὅτι ἀπεφασίσθη ἡ διενέργεια ἐράνου μεταξὺ τῶν ὁμογενῶν Λακώνων διὰ τὴν ἀγορὰν πολεμικοῦ σκάφους, τὸ ὁποῖον θὰ δωρηθῇ εἰς τὸ Πολεμικὸν Ναυτικόν. Μέχρι σήμερον συνεκεντρώθησαν 50 χιλιάδες δολλάρια. Ὁ κ. Φεσσόπουλος ἐτόνισεν ὅτι ὁ ἔρανος συνεχίζεται μὲ ἐνθουσιασμὸν καὶ ὅτι ὅλοι οἱ Λάκωνες τῆς Ἀμερικῆς θὰ συμβάλουν εἰς τὴν ἐπιτυχίαν του. Κατέληξε λέγων ὅτι οἱ ὁμογενεῖς παρακολουθοῦν μὲ ἐνδιαφέρον τὰ ἐθνικὰ θέματα. Ο κ. Γεώργιος Φεσσόπουλος, διευθυντὴς τοῦ τμήματος Λακώνων τῆς Ἀμερικῆς, ἀνακοίνωσε ὅτι ἀπεφασίσθη ἡ διενέργεια ἐράνου μεταξὺ τῶν ὁμογενῶν Λακώνων διὰ τὴν ἀγορὰν πολεμικοῦ σκάφους, τὸ ὁποῖον θὰ δωρηθῇ εἰς τὸ Πολεμικὸν Ναυτικόν. Μέχρι σήμερον συνεκεντρώθησαν 50 χιλιάδες δολλάρια. Ὁ κ. Φεσσόπουλος ἐτόνισεν ὅτι ὁ ἔρανος συνεχίζεται μὲ ἐνθουσιασμὸν καὶ ὅτι ὅλοι οἱ Λάκωνες τῆς Ἀμερικῆς θὰ συμβάλουν εἰς τὴν ἐπιτυχίαν του. Κατέληξε λέγων ὅτι οἱ ὁμογενεῖς παρακολουθοῦν μὲ ἐνδιαφέρον τὰ ἐθνικὰ θέματα. Ο κ. Γεώργιος Φεσσόπουλος, διευθυντὴς τοῦ τμήματος Λακώνων τῆς Ἀμερικῆς, ἀνακοίνωσε ὅτι ἀπεφασίσθη ἡ διενέργεια ἐράνου μεταξὺ τῶν ὁμογενῶν Λακώνων διὰ τὴν ἀγορὰν πολεμικοῦ σκάφους, τὸ ὁποῖον θὰ δωρηθῇ εἰς τὸ Πολεμικὸν Ναυτικόν. Μέχρι σήμερον συνεκεντρώθησαν 50 χιλιάδες δολλάρια. Ὁ κ. Φεσσόπουλος ἐτόνισεν ὅτι ὁ ἔρανος συνεχίζεται μὲ ἐνθουσιασμὸν καὶ ὅτι ὅλοι οἱ Λάκωνες τῆς Ἀμερικῆς θὰ συμβάλουν εἰς τὴν ἐπιτυχίαν του. Κατέληξε λέγων ὅτι οἱ ὁμογενεῖς παρακολουθοῦν μὲ ἐνδιαφέρον τὰ ἐθνικὰ θέματα.
Ο κ. ΣΤΑΜΑΤΗΣ
Ἐπίσης ἀνέλαβε καθήκοντα ὁ νέος ὑφυπουργὸς Δημοσίας Τάξεως κ. Σταμάτης. Ὁ κ. Σταμάτης συνεργάσθηκε μὲ τὸν ἀρχηγὸ τῆς Χωροφυλακῆς καὶ τὸν ἀρχηγὸ τῆς Ἀστυνομίας Πόλεων καὶ ἐνημερώθηκε γιὰ τὰ θέματα τοῦ ὑπουργείου του. Τὸν νέο ὑπουργὸ Δημοσίας Τάξεως καλωσόρισε ὁ κ. Ἀγγελόπουλος. Ἐπίσης ἀνέλαβε καθήκοντα ὁ νέος ὑφυπουργὸς Δημοσίας Τάξεως κ. Σταμάτης. Ὁ κ. Σταμάτης συνεργάσθηκε μὲ τὸν ἀρχηγὸ τῆς Χωροφυλακῆς καὶ τὸν ἀρχηγὸ τῆς Ἀστυνομίας Πόλεων καὶ ἐνημερώθηκε γιὰ τὰ θέματα τοῦ ὑπουργείου του. Τὸν νέο ὑπουργὸ Δημοσίας Τάξεως καλωσόρισε ὁ κ. Ἀγγελόπουλος. Ἐπίσης ἀνέλαβε καθήκοντα ὁ νέος ὑφυπουργὸς Δημοσίας Τάξεως κ. Σταμάτης. Ὁ κ. Σταμάτης συνεργάσθηκε μὲ τὸν ἀρχηγὸ τῆς Χωροφυλακῆς καὶ τὸν ἀρχηγὸ τῆς Ἀστυνομίας Πόλεων καὶ ἐνημερώθηκε γιὰ τὰ θέματα τοῦ ὑπουργείου του. Τὸν νέο ὑπουργὸ Δημοσίας Τάξεως καλωσόρισε ὁ κ. Ἀγγελόπουλος. Ἐπίσης ἀνέλαβε καθήκοντα ὁ νέος ὑφυπουργὸς Δημοσίας Τάξεως κ. Σταμάτης. Ὁ κ. Σταμάτης συνεργάσθηκε μὲ τὸν ἀρχηγὸ τῆς Χωροφυλακῆς καὶ τὸν ἀρχηγὸ τῆς Ἀστυνομίας Πόλεων καὶ ἐνημερώθηκε γιὰ τὰ θέματα τοῦ ὑπουργείου του. Τὸν νέο ὑπουργὸ Δημοσίας Τάξεως καλωσόρισε ὁ κ. Ἀγγελόπουλος. Ἐπίσης ἀνέλαβε καθήκοντα ὁ νέος ὑφυπουργὸς Δημοσίας Τάξεως κ. Σταμάτης. Ὁ κ. Σταμάτης συνεργάσθηκε μὲ τὸν ἀρχηγὸ τῆς Χωροφυλακῆς καὶ τὸν ἀρχηγὸ τῆς Ἀστυνομίας Πόλεων καὶ ἐνημερώθηκε γιὰ τὰ θέματα τοῦ ὑπουργείου του. Τὸν νέο ὑπουργὸ Δημοσίας Τάξεως καλωσόρισε ὁ κ. Ἀγγελόπουλος.
Ἕνας ἀκόμα σπουδαστὴς βρῆκε τὸν θάνατο σὲ συμπλοκὲς στὴν Ἄγκυρα
Ἔκλεισε ἡ πολυτεχνικὴ σχολὴ μέχρι τὸ Μάρτιο.— Τραυματισμοὶ καὶ συλλήψεις στὴν πόλη Γκαζιεντέρ
ΑΓΚΥΡΑ, 7, (Ρώϋτερ). — Τοῦρκος φοιτητὴς σκοτώθηκε κατὰ τὴ διάρκεια συμπλοκῶν μεταξὺ ἀντιπάλων πολιτικῶν ὁμάδων στὸ πολυτεχνεῖο τῆς Ἄγκυρας, σύμφωνα μὲ πληροφορίες ἀρμοδίων πηγῶν. Μὲ τὸν θάνατο αὐτὸν ἀνέρχονται σὲ 15 οἱ φοιτητὲς ποὺ σκοτώθηκαν σὲ παρόμοια ἐπεισόδια τοὺς τελευταίους μῆνες. Ἡ διοίκηση τοῦ πολυτεχνείου ἀποφάσισε νὰ κλείσει τὴ σχολὴ μέχρι τὸ Μάρτιο.
ΤΡΑΥΜΑΤΙΣΜΟΙ
ΑΓΚΥΡΑ, 7, (Ρώϋτερ). — Ἑπτὰ φοιτητὲς τραυματίσθηκαν καὶ 20 συνελήφθησαν κατὰ τὴ διάρκεια ταραχῶν στὴν πόλη Γκαζιεντέρ τῆς νοτιοανατολικῆς Τουρκίας.
Ἀποφασίσθηκε ἀπέλαση ἀπὸ τὴν Πορτογαλία τῶν ξένων ἐθελοντῶν
Ἀνέρχονται σὲ 10.000 καὶ εἶναι ἐπικίνδυνοι γιὰ τὴν κατάσταση ποὺ δημιουργήθηκε, τώρα, στὴ χώρα
ΛΙΣΣΑΒΩΝΑ, 7. (Ρώϋτερ). — Τὸ συμβούλιο τῆς ἐπαναστάσεως τῆς Πορτογαλίας ἀποφάσισε νὰ ἀπελάσει ὅλους τοὺς ξένους ἐθελοντὲς ποὺ εὑρίσκονται στὴ χώρα. Ὁ ἀριθμὸς τους ὑπολογίζεται σὲ 10.000. Κατὰ τὴν ἐπίσημη ἀνακοίνωση, ἡ παρουσία τους ἀποτελεῖ κίνδυνο γιὰ τὴν κατάσταση ποὺ δημιουργήθηκε στὴ χώρα. — Τὸ συμβούλιο τῆς ἐπαναστάσεως τῆς Πορτογαλίας ἀποφάσισε νὰ ἀπελάσει ὅλους τοὺς ξένους ἐθελοντὲς ποὺ εὑρίσκονται στὴ χώρα. Ὁ ἀριθμὸς τους ὑπολογίζεται σὲ 10.000. Κατὰ τὴν ἐπίσημη ἀνακοίνωση, ἡ παρουσία τους ἀποτελεῖ κίνδυνο γιὰ τὴν κατάσταση ποὺ δημιουργήθηκε στὴ χώρα.
ΕΚΡΗΞΗ ΒΟΜΒΩΝ
ΟΠΟΡΤΟ, Πορτογαλία, 7. (Ασσ. Πρές). — Βόμβες ἐξερράγησαν στὰ γραφεῖα τοῦ Κομμουνιστικοῦ Κόμματος στὸ Όπορτο, προκαλώντας σοβαρὲς ζημιές. ΟΠΟΡΤΟ, Πορτογαλία, 7. (Ασσ. Πρές). — Βόμβες ἐξερράγησαν στὰ γραφεῖα τοῦ Κομμουνιστικοῦ Κόμματος στὸ Όπορτο, προκαλώντας σοβαρὲς ζημιές.
ΑΙΣΙΟΔΟΞΙΑ ΓΙΑ ΤΙΣ ΠΡΟΟΠΤΙΚΕΣ ΤΗΣ ΟΙΚΟΝΟΜΙΑΣ ΕΚΦΡΑΖΕΙ Ο ΔΙΟΙΚΗΤΗΣ ΤΗΣ ΕΘΝΙΚΗΣ ΤΡΑΠΕΖΗΣ ΚΑΙ ΖΗΤΕΙ ΚΙΝΗΤΟΠΟΙΗΣΗ ΤΩΝ ΔΥΝΑΜΕΩΝ ΤΗΣ ΧΩΡΑΣ
ΠΑΡΙΣΙ, 7. (Ἀφὲ. Πρὰςτ.). — Μορφὴ αἰσιοδοξίας γιὰ τὶς προοπτικὲς τῆς ἑλληνικῆς οἰκονομίας ἐκφράζει ὁ διοικητὴς τῆς Ἐθνικῆς Τραπέζης τῆς Ἑλλάδος κ. Ἀγγελόπουλος, σὲ ἄρθρο του στὴ γαλλικὴ ἐφημερίδα «Λὲ Μόντ». Ὁ κ. Ἀγγελόπουλος τονίζει ὅτι ἡ χώρα διαθέτει τὶς ἀπαιτούμενες δυνάμεις γιὰ νὰ ξεπεράσει τὶς δυσκολίες καὶ ζητεῖ τὴν κινητοποίηση ὅλων τῶν δυνάμεων τοῦ ἔθνους γιὰ τὴν οἰκονομικὴ ἀνάπτυξη. ΠΑΡΙΣΙ, 7. (Ἀφὲ. Πρὰςτ.). — Μορφὴ αἰσιοδοξίας γιὰ τὶς προοπτικὲς τῆς ἑλληνικῆς οἰκονομίας ἐκφράζει ὁ διοικητὴς τῆς Ἐθνικῆς Τραπέζης τῆς Ἑλλάδος κ. Ἀγγελόπουλος, σὲ ἄρθρο του στὴ γαλλικὴ ἐφημερίδα «Λὲ Μόντ». Ὁ κ. Ἀγγελόπουλος τονίζει ὅτι ἡ χώρα διαθέτει τὶς ἀπαιτούμενες δυνάμεις γιὰ νὰ ξεπεράσει τὶς δυσκολίες καὶ ζητεῖ τὴν κινητοποίηση ὅλων τῶν δυνάμεων τοῦ ἔθνους γιὰ τὴν οἰκονομικὴ ἀνάπτυξη. ΠΑΡΙΣΙ, 7. (Ἀφὲ. Πρὰςτ.). — Μορφὴ αἰσιοδοξίας γιὰ τὶς προοπτικὲς τῆς ἑλληνικῆς οἰκονομίας ἐκφράζει ὁ διοικητὴς τῆς Ἐθνικῆς Τραπέζης τῆς Ἑλλάδος κ. Ἀγγελόπουλος, σὲ ἄρθρο του στὴ γαλλικὴ ἐφημερίδα «Λὲ Μόντ». Ὁ κ. Ἀγγελόπουλος τονίζει ὅτι ἡ χώρα διαθέτει τὶς ἀπαιτούμενες δυνάμεις γιὰ νὰ ξεπεράσει τὶς δυσκολίες καὶ ζητεῖ τὴν κινητοποίηση ὅλων τῶν δυνάμεων τοῦ ἔθνους γιὰ τὴν οἰκονομικὴ ἀνάπτυξη.
Η ΤΟΥΡΚΙΑ ΔΗΜΙΟΥΡΓΗΣΕ ΤΕΛΕΥΤΑΙΑ, ΣΤΗΝ ΠΕΡΣΙΑ ΑΝΥΠΕΡΒΛΗΤΑ ΕΜΠΟΔΙΑ ΣΤΙΣ ΜΕΤΑΦΟΡΕΣ ΤΗΣ ΠΕΝΤΑΠΛΑΣΙΑΖΟΝΤΑΙ ΤΑ ΔΙΟΔΙΑ ΓΙΑ ΤΑ ΑΥΤΟΚΙΝΗΤΑ
ΤΕΧΕΡΑΝΗ, 7. (Ασσ. Πρὲς). — Ἡ Περσία ἀποφάσισε νὰ πενταπλασιάσει τὰ διόδια γιὰ τὰ τουρκικὰ αὐτοκίνητα ποὺ διέρχονται ἀπὸ τὸ ἔδαφός της, ὡς ἀντίποινα γιὰ παρόμοια μέτρα ποὺ ἔλαβε ἡ Τουρκία. ΤΕΧΕΡΑΝΗ, 7. (Ασσ. Πρὲς). — Ἡ Περσία ἀποφάσισε νὰ πενταπλασιάσει τὰ διόδια γιὰ τὰ τουρκικὰ αὐτοκίνητα ποὺ διέρχονται ἀπὸ τὸ ἔδαφός της, ὡς ἀντίποινα γιὰ παρόμοια μέτρα ποὺ ἔλαβε ἡ Τουρκία.
ΑΙ ΚΕΡΔΙΖΟΥΣΑΙ ΟΜΟΛΟΓΙΑΙ ΚΑΤΑ ΤΗΝ 23ΗΝ ΚΛΗΡΩΣΙΝ ΔΑΝΕΙΟΥ ΟΙΚΟΝΟΜΙΚΗΣ ΑΝΑΠΤΥΞΕΩΣ 6,5% ΤΟΥ 1971
ΑΘΗΝΑΙ, 7. — Κατὰ τὴν 25ην κλήρωσιν τοῦ ὁμολογιακοῦ δανείου οἰκονομικῆς ἀναπτύξεως 6,5% τοῦ 1971, ἐκληρώθησαν οἱ ἑξῆς ἀριθμοί:
Ε 616221 994178.
Β 013680 143291 185656 238751
234506 556031 677374 781324
284505 586100 642077 855658
Β 044711 180792 315137 456635
Γ 025378 158016 332125
Α 897333 κερδίζει 2.000.000 δρχ.
Β 599114 κερδίζει 1.000.000 δρχ.
Γ 470214 κερδίζει 500.000 δρχ.
Δ 204673 κερδίζει 200.000 δρχ.
Ε 565452 κερδίζει 100.000 δρχ.
Ε 034189 084952 128548 722148
315159 405353 465662 760201
Δ 118576 229436 288601 394802
Ε 026855 138862 442894 529929
636599 888668 710423 776623
835599 891892 952290 976063
Δ 09133 223 Γ 04153 Κ 4
Ε 129351 137664 200775 471395
533043 622549 635797 764312
ΤΕΧΕΡΑΝΗ, 7. (Ασσ. Πρὲς). — Ἡ Περσία ἀποφάσισε νὰ πενταπλασιάσει τὰ διόδια γιὰ τὰ τουρκικὰ αὐτοκίνητα ποὺ διέρχονται ἀπὸ τὸ ἔδαφός της, ὡς ἀντίποινα γιὰ παρόμοια μέτρα ποὺ ἔλαβε ἡ Τουρκία.
ΘΑ ΚΑΤΑΡΓΗΘΟΥΝ ΟΙ ΓΡΑΦΕΙΟΚΡΑΤΙΚΕΣ ΔΙΑΤΥΠΩΣΕΙΣ ΓΙΑ ΤΗΝ ΙΔΡΥΣΗ ΤΩΝ ΒΙΟΜΗΧΑΝΙΩΝ ΚΑΙ ΒΙΟΤΕΧΝΙΩΝ
ΑΘΗΝΑΙ, 7. — Οἱ γραφειοκρατικὲς διατυπώσεις γιὰ τὴν ἵδρυση καὶ λειτουργία βιομηχανιῶν καὶ βιοτεχνιῶν θὰ καταργηθοῦν, σύμφωνα μὲ νομοσχέδιο ποὺ ἑτοιμάζει τὸ ὑπουργεῖο Βιομηχανίας. Τὸ νομοσχέδιο προβλέπει τὴν ἀπλούστευση τῶν διαδικασιῶν καὶ τὴν ἐπιτάχυνση τῆς ἐκδόσεως ἀδειῶν. ΑΘΗΝΑΙ, 7. — Οἱ γραφειοκρατικὲς διατυπώσεις γιὰ τὴν ἵδρυση καὶ λειτουργία βιομηχανιῶν καὶ βιοτεχνιῶν θὰ καταργηθοῦν, σύμφωνα μὲ νομοσχέδιο ποὺ ἑτοιμάζει τὸ ὑπουργεῖο Βιομηχανίας. Τὸ νομοσχέδιο προβλέπει τὴν ἀπλούστευση τῶν διαδικασιῶν καὶ τὴν ἐπιτάχυνση τῆς ἐκδόσεως ἀδειῶν. ΑΘΗΝΑΙ, 7. — Οἱ γραφειοκρατικὲς διατυπώσεις γιὰ τὴν ἵδρυση καὶ λειτουργία βιομηχανιῶν καὶ βιοτεχνιῶν θὰ καταργηθοῦν, σύμφωνα μὲ νομοσχέδιο ποὺ ἑτοιμάζει τὸ ὑπουργεῖο Βιομηχανίας. Τὸ νομοσχέδιο προβλέπει τὴν ἀπλούστευση τῶν διαδικασιῶν καὶ τὴν ἐπιτάχυνση τῆς ἐκδόσεως ἀδειῶν. ΑΘΗΝΑΙ, 7. — Οἱ γραφειοκρατικὲς διατυπώσεις γιὰ τὴν ἵδρυση καὶ λειτουργία βιομηχανιῶν καὶ βιοτεχνιῶν θὰ καταργηθοῦν, σύμφωνα μὲ νομοσχέδιο ποὺ ἑτοιμάζει τὸ ὑπουργεῖο Βιομηχανίας. Τὸ νομοσχέδιο προβλέπει τὴν ἀπλούστευση τῶν διαδικασιῶν καὶ τὴν ἐπιτάχυνση τῆς ἐκδόσεως ἀδειῶν.
